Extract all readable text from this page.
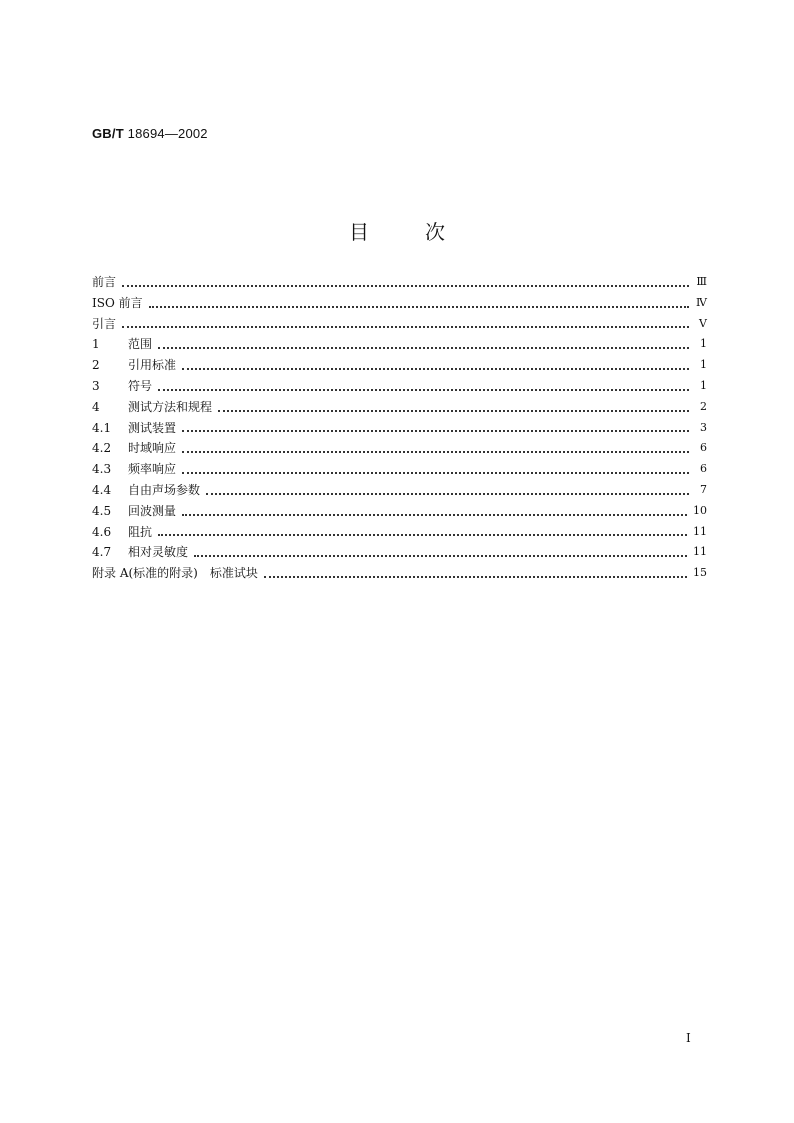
GB/T 18694—2002
目次
前言	Ⅲ
ISO 前言	Ⅳ
引言	Ⅴ
1	范围	1
2	引用标准	1
3	符号	1
4	测试方法和规程	2
4.1	测试装置	3
4.2	时域响应	6
4.3	频率响应	6
4.4	自由声场参数	7
4.5	回波测量	10
4.6	阻抗	11
4.7	相对灵敏度	11
附录 A(标准的附录)　标准试块	15
I
